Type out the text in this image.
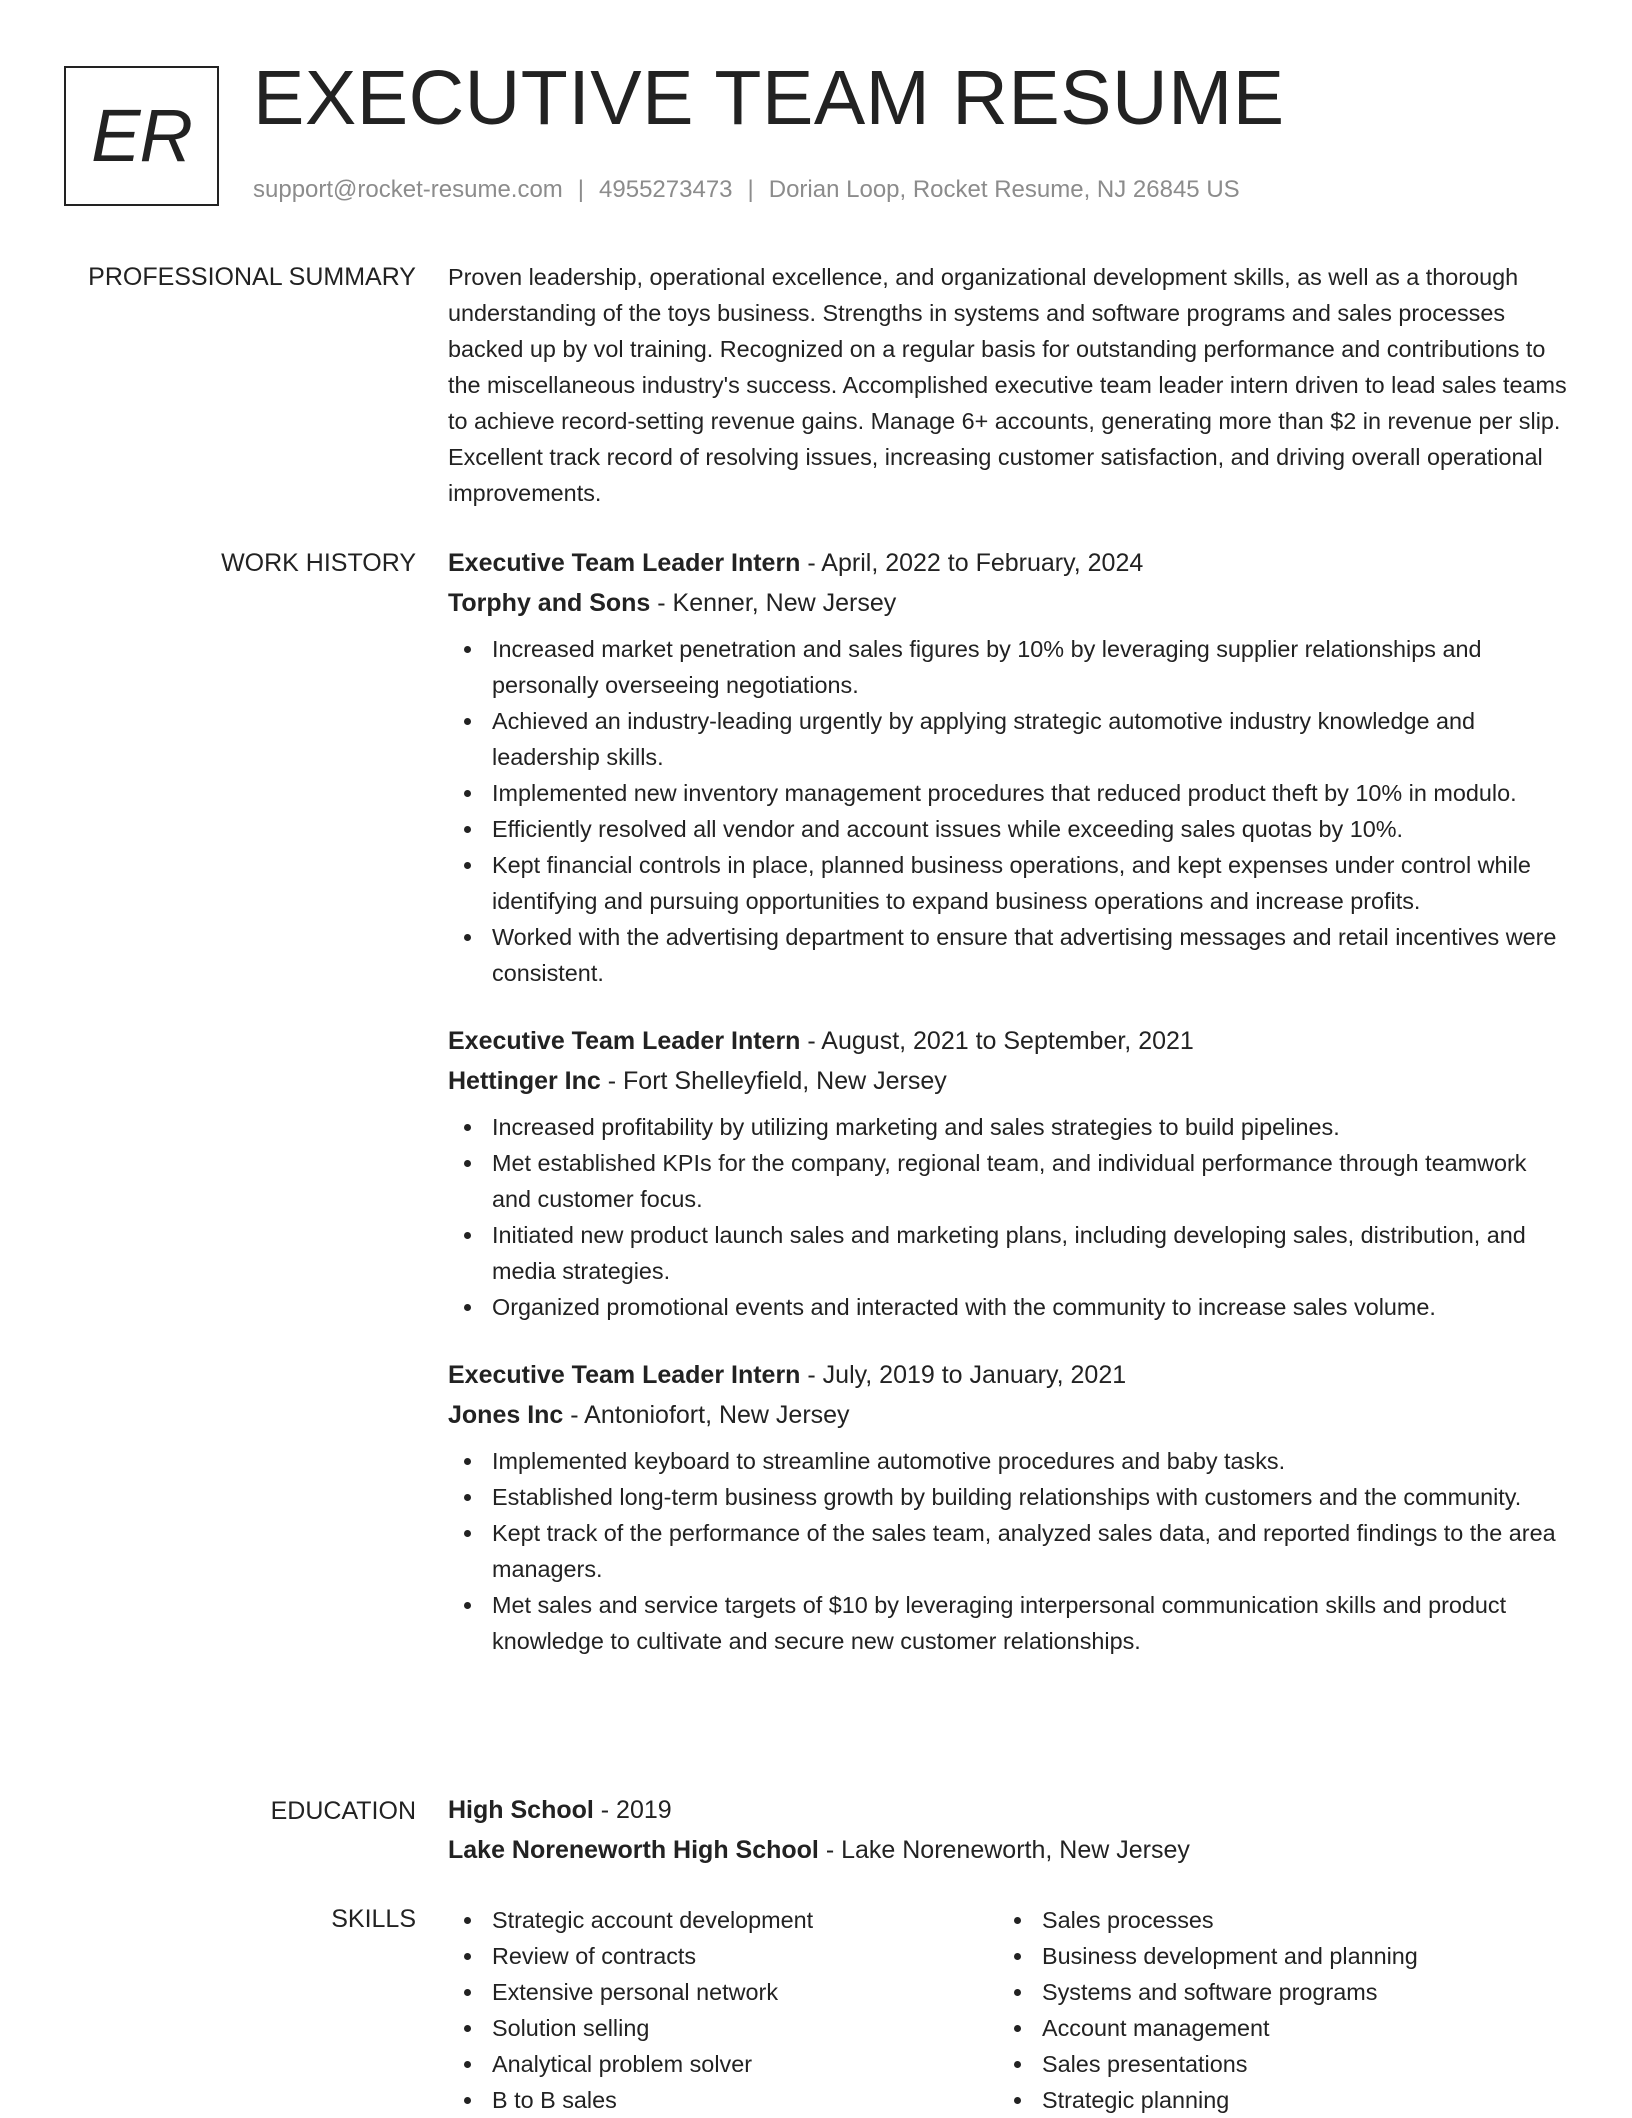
ER EXECUTIVE TEAM RESUME
support@rocket-resume.com | 4955273473 | Dorian Loop, Rocket Resume, NJ 26845 US
PROFESSIONAL SUMMARY Proven leadership, operational excellence, and organizational development skills, as well as a thorough understanding of the toys business. Strengths in systems and software programs and sales processes backed up by vol training. Recognized on a regular basis for outstanding performance and contributions to the miscellaneous industry's success. Accomplished executive team leader intern driven to lead sales teams to achieve record-setting revenue gains. Manage 6+ accounts, generating more than $2 in revenue per slip. Excellent track record of resolving issues, increasing customer satisfaction, and driving overall operational improvements.

WORK HISTORY Executive Team Leader Intern - April, 2022 to February, 2024
Torphy and Sons - Kenner, New Jersey
Increased market penetration and sales figures by 10% by leveraging supplier relationships and personally overseeing negotiations.
Achieved an industry-leading urgently by applying strategic automotive industry knowledge and leadership skills.
Implemented new inventory management procedures that reduced product theft by 10% in modulo.
Efficiently resolved all vendor and account issues while exceeding sales quotas by 10%.
Kept financial controls in place, planned business operations, and kept expenses under control while identifying and pursuing opportunities to expand business operations and increase profits.
Worked with the advertising department to ensure that advertising messages and retail incentives were consistent.
Executive Team Leader Intern - August, 2021 to September, 2021
Hettinger Inc - Fort Shelleyfield, New Jersey
Increased profitability by utilizing marketing and sales strategies to build pipelines.
Met established KPIs for the company, regional team, and individual performance through teamwork and customer focus.
Initiated new product launch sales and marketing plans, including developing sales, distribution, and media strategies.
Organized promotional events and interacted with the community to increase sales volume.
Executive Team Leader Intern - July, 2019 to January, 2021
Jones Inc - Antoniofort, New Jersey
Implemented keyboard to streamline automotive procedures and baby tasks.
Established long-term business growth by building relationships with customers and the community.
Kept track of the performance of the sales team, analyzed sales data, and reported findings to the area managers.
Met sales and service targets of $10 by leveraging interpersonal communication skills and product knowledge to cultivate and secure new customer relationships.
EDUCATION High School - 2019
Lake Noreneworth High School - Lake Noreneworth, New Jersey
SKILLS	Strategic account development
Review of contracts
Extensive personal network
Solution selling
Analytical problem solver
B to B sales
Sales processes
Business development and planning
Systems and software programs
Account management
Sales presentations
Strategic planning
